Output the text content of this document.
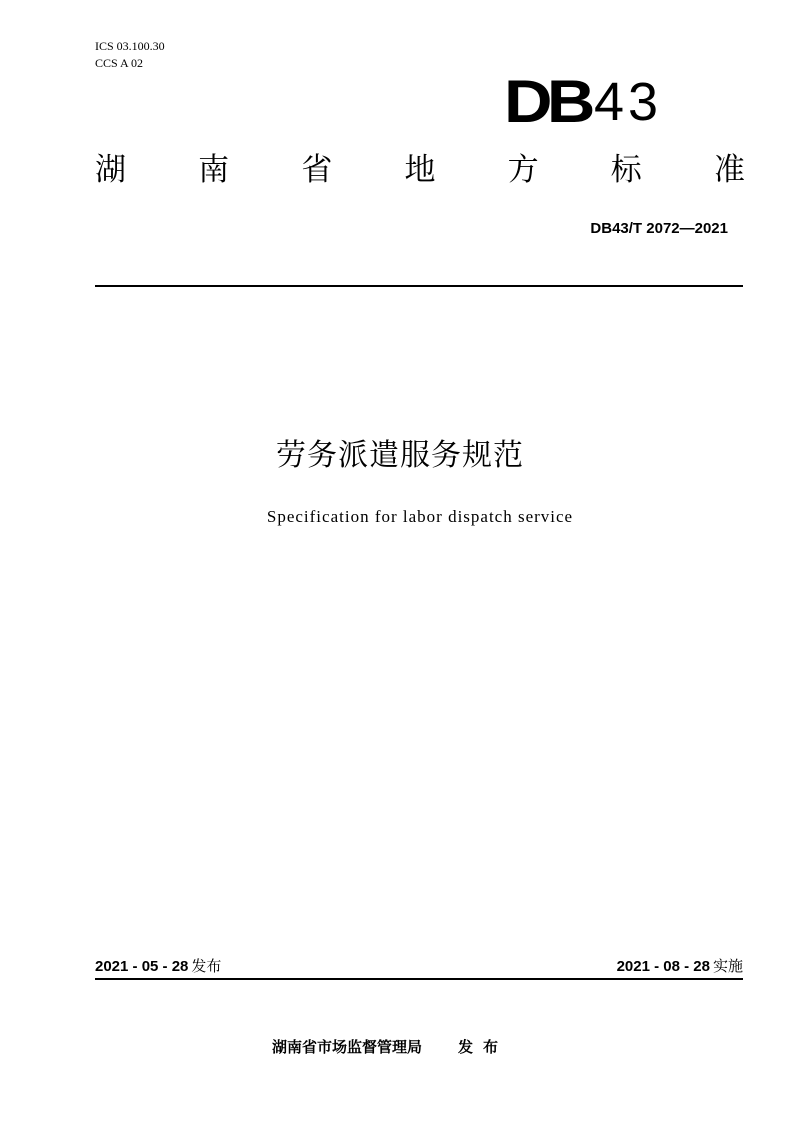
ICS 03.100.30
CCS A 02
DB 43
湖 南 省 地 方 标 准
DB43/T 2072—2021
劳务派遣服务规范
Specification for labor dispatch service
2021 - 05 - 28 发布	2021 - 08 - 28 实施
湖南省市场监督管理局 发布
